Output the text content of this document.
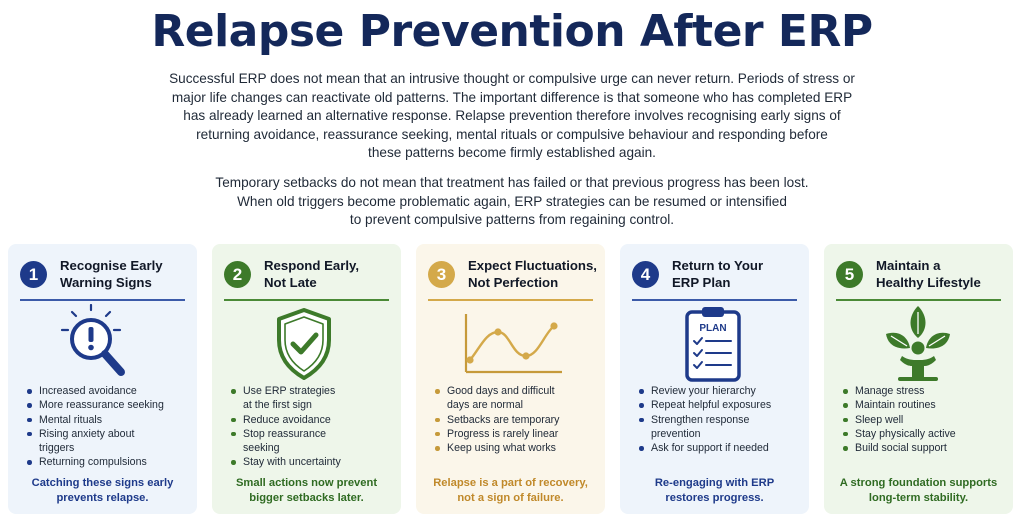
Relapse Prevention After ERP
Successful ERP does not mean that an intrusive thought or compulsive urge can never return. Periods of stress or
major life changes can reactivate old patterns. The important difference is that someone who has completed ERP
has already learned an alternative response. Relapse prevention therefore involves recognising early signs of
returning avoidance, reassurance seeking, mental rituals or compulsive behaviour and responding before
these patterns become firmly established again.
Temporary setbacks do not mean that treatment has failed or that previous progress has been lost.
When old triggers become problematic again, ERP strategies can be resumed or intensified
to prevent compulsive patterns from regaining control.
1	Recognise Early
Warning Signs
Increased avoidance
More reassurance seeking
Mental rituals
Rising anxiety about
triggers
Returning compulsions
Catching these signs early
prevents relapse.
2	Respond Early,
Not Late
Use ERP strategies
at the first sign
Reduce avoidance
Stop reassurance
seeking
Stay with uncertainty
Small actions now prevent
bigger setbacks later.
3	Expect Fluctuations,
Not Perfection
Good days and difficult
days are normal
Setbacks are temporary
Progress is rarely linear
Keep using what works
Relapse is a part of recovery,
not a sign of failure.
4	Return to Your
ERP Plan
PLAN
Review your hierarchy
Repeat helpful exposures
Strengthen response
prevention
Ask for support if needed
Re-engaging with ERP
restores progress.
5	Maintain a
Healthy Lifestyle
Manage stress
Maintain routines
Sleep well
Stay physically active
Build social support
A strong foundation supports
long-term stability.
